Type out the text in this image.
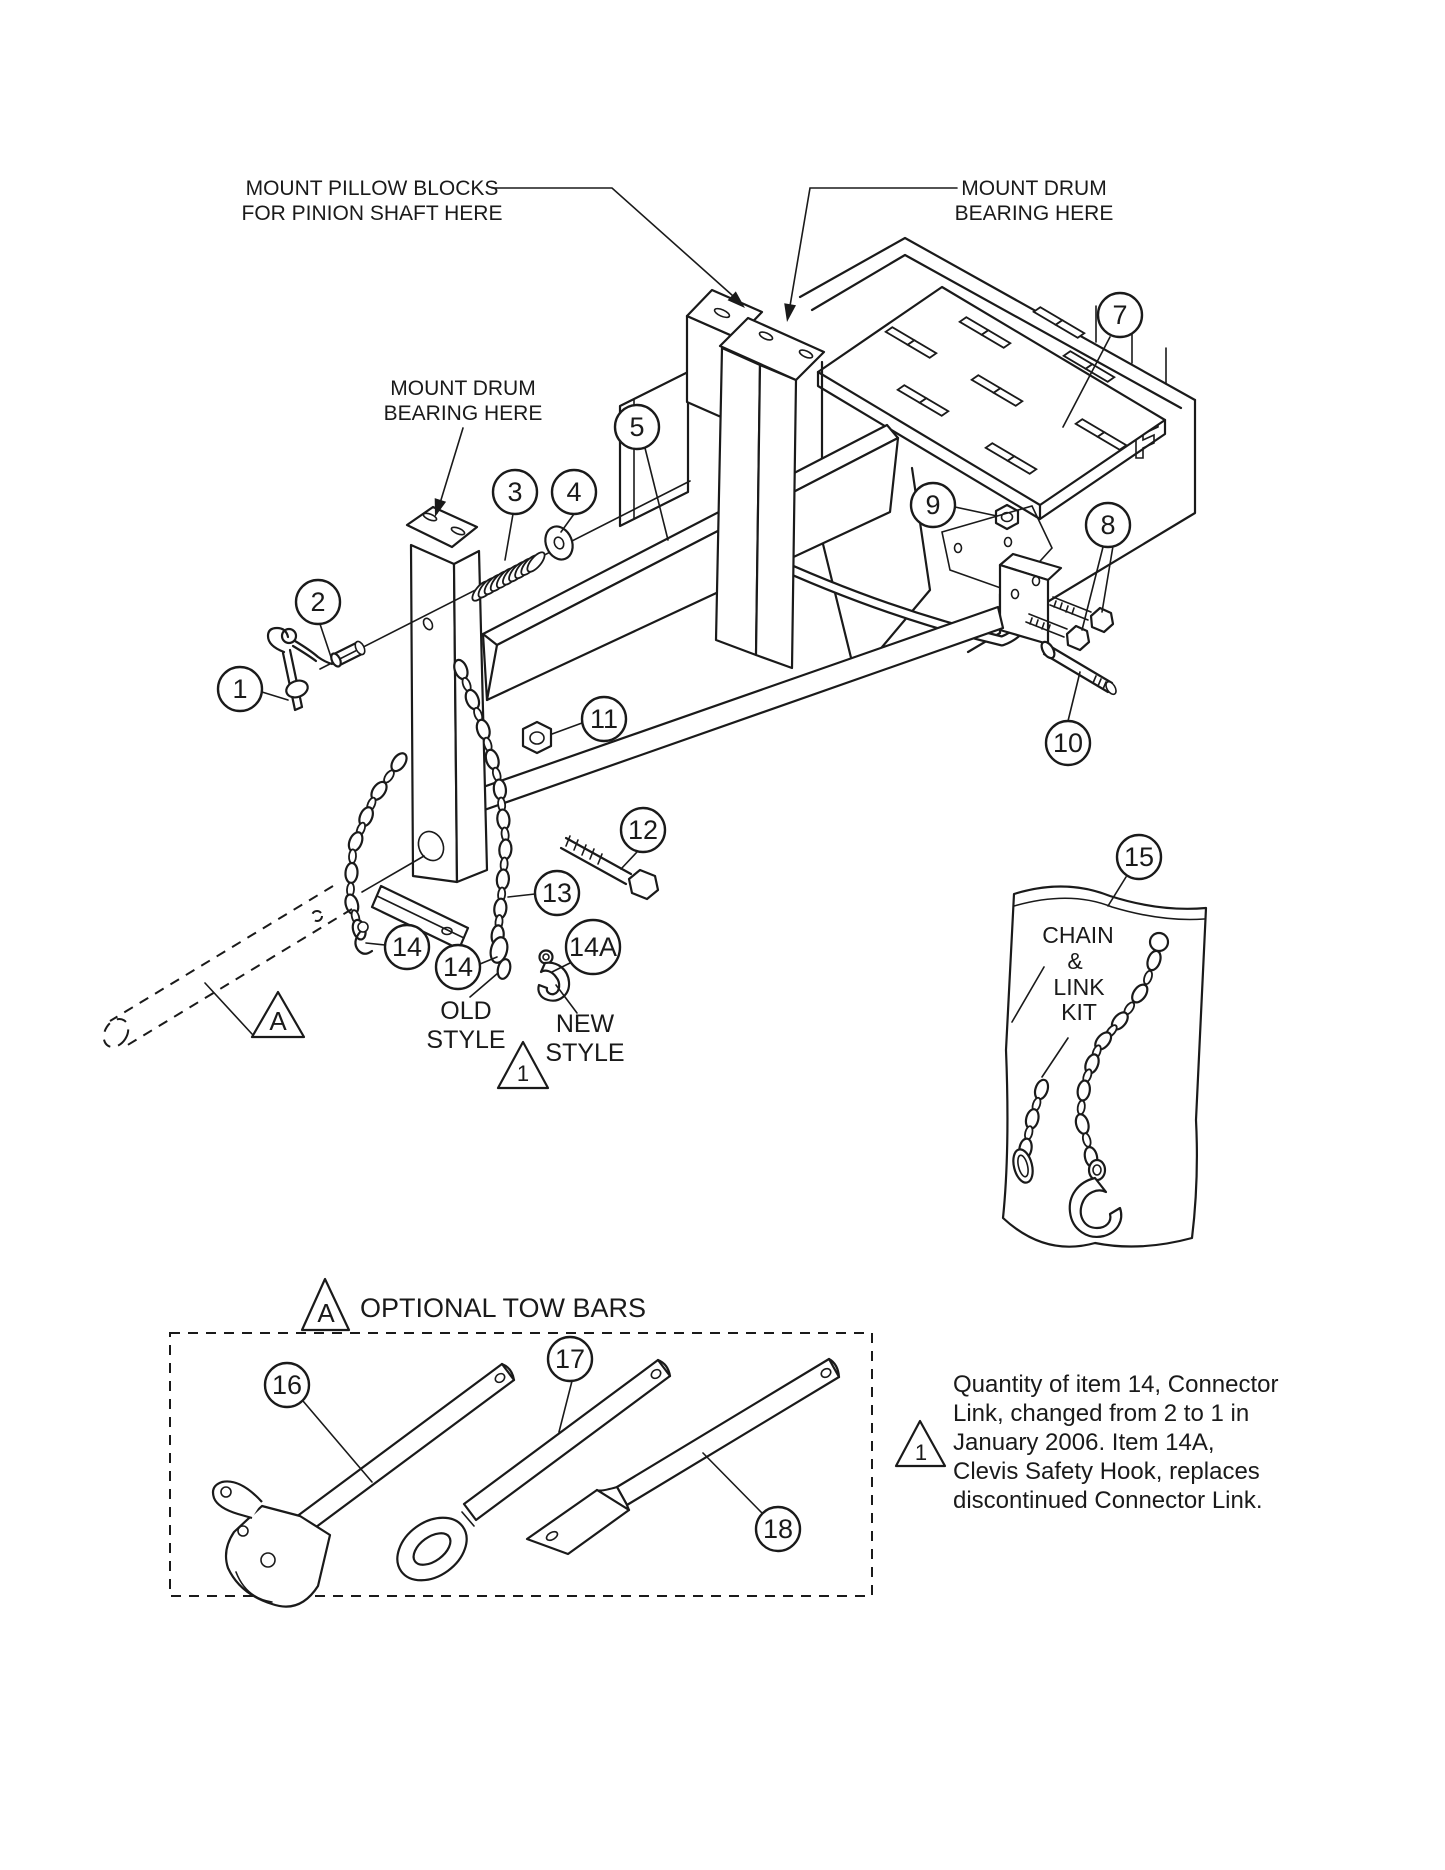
A
CHAIN
&
LINK
KIT
A OPTIONAL TOW BARS
MOUNT PILLOW BLOCKS
FOR PINION SHAFT HERE
MOUNT DRUM
BEARING HERE
MOUNT DRUM
BEARING HERE
OLD
STYLE
NEW
STYLE
1
1
Quantity of item 14, Connector
Link, changed from 2 to 1 in
January 2006. Item 14A,
Clevis Safety Hook, replaces
discontinued Connector Link.
1
2
3 4
5
7
8
9
10
11
12
13
14
14
14A
15
16
17
18
